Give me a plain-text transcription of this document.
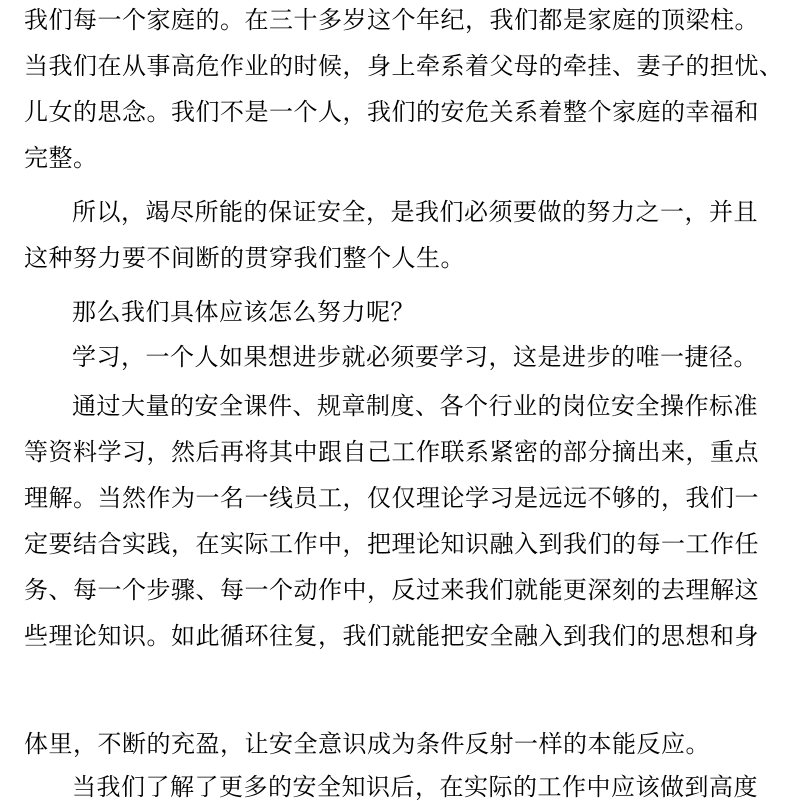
我们每一个家庭的。在三十多岁这个年纪，我们都是家庭的顶梁柱。
当我们在从事高危作业的时候，身上牵系着父母的牵挂、妻子的担忧、
儿女的思念。我们不是一个人，我们的安危关系着整个家庭的幸福和
完整。

所以，竭尽所能的保证安全，是我们必须要做的努力之一，并且
这种努力要不间断的贯穿我们整个人生。

那么我们具体应该怎么努力呢？

学习，一个人如果想进步就必须要学习，这是进步的唯一捷径。

通过大量的安全课件、规章制度、各个行业的岗位安全操作标准
等资料学习，然后再将其中跟自己工作联系紧密的部分摘出来，重点
理解。当然作为一名一线员工，仅仅理论学习是远远不够的，我们一
定要结合实践，在实际工作中，把理论知识融入到我们的每一工作任
务、每一个步骤、每一个动作中，反过来我们就能更深刻的去理解这
些理论知识。如此循环往复，我们就能把安全融入到我们的思想和身

体里，不断的充盈，让安全意识成为条件反射一样的本能反应。

当我们了解了更多的安全知识后，在实际的工作中应该做到高度
